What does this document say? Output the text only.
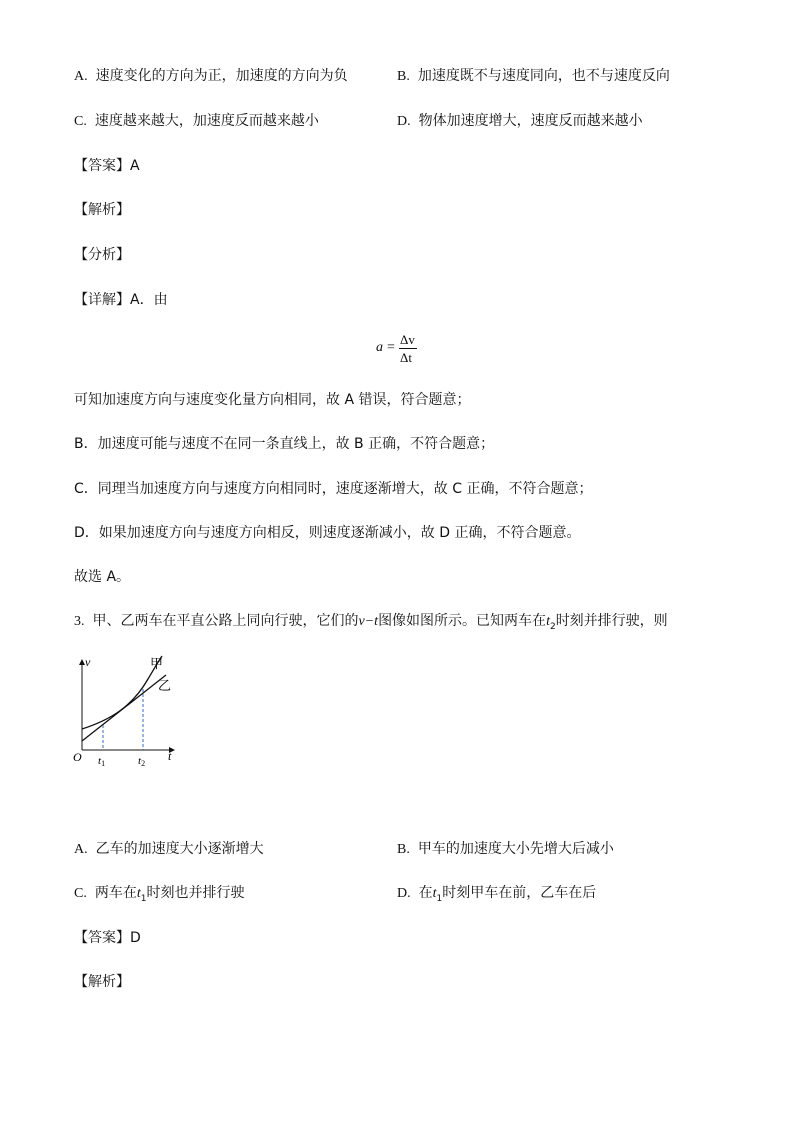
A. 速度变化的方向为正，加速度的方向为负	B. 加速度既不与速度同向，也不与速度反向
C. 速度越来越大，加速度反而越来越小	D. 物体加速度增大，速度反而越来越小
【答案】A
【解析】
【分析】
【详解】A．由
a =
Δv
Δt
可知加速度方向与速度变化量方向相同，故 A 错误，符合题意；
B．加速度可能与速度不在同一条直线上，故 B 正确，不符合题意；
C．同理当加速度方向与速度方向相同时，速度逐渐增大，故 C 正确，不符合题意；
D．如果加速度方向与速度方向相反，则速度逐渐减小，故 D 正确，不符合题意。
故选 A。
3. 甲、乙两车在平直公路上同向行驶，它们的v−t图像如图所示。已知两车在$t_2$时刻并排行驶，则
v
t
O t1	t2
甲
乙
A. 乙车的加速度大小逐渐增大	B. 甲车的加速度大小先增大后减小
C. 两车在$t_1$时刻也并排行驶	D. 在$t_1$时刻甲车在前，乙车在后
【答案】D
【解析】
